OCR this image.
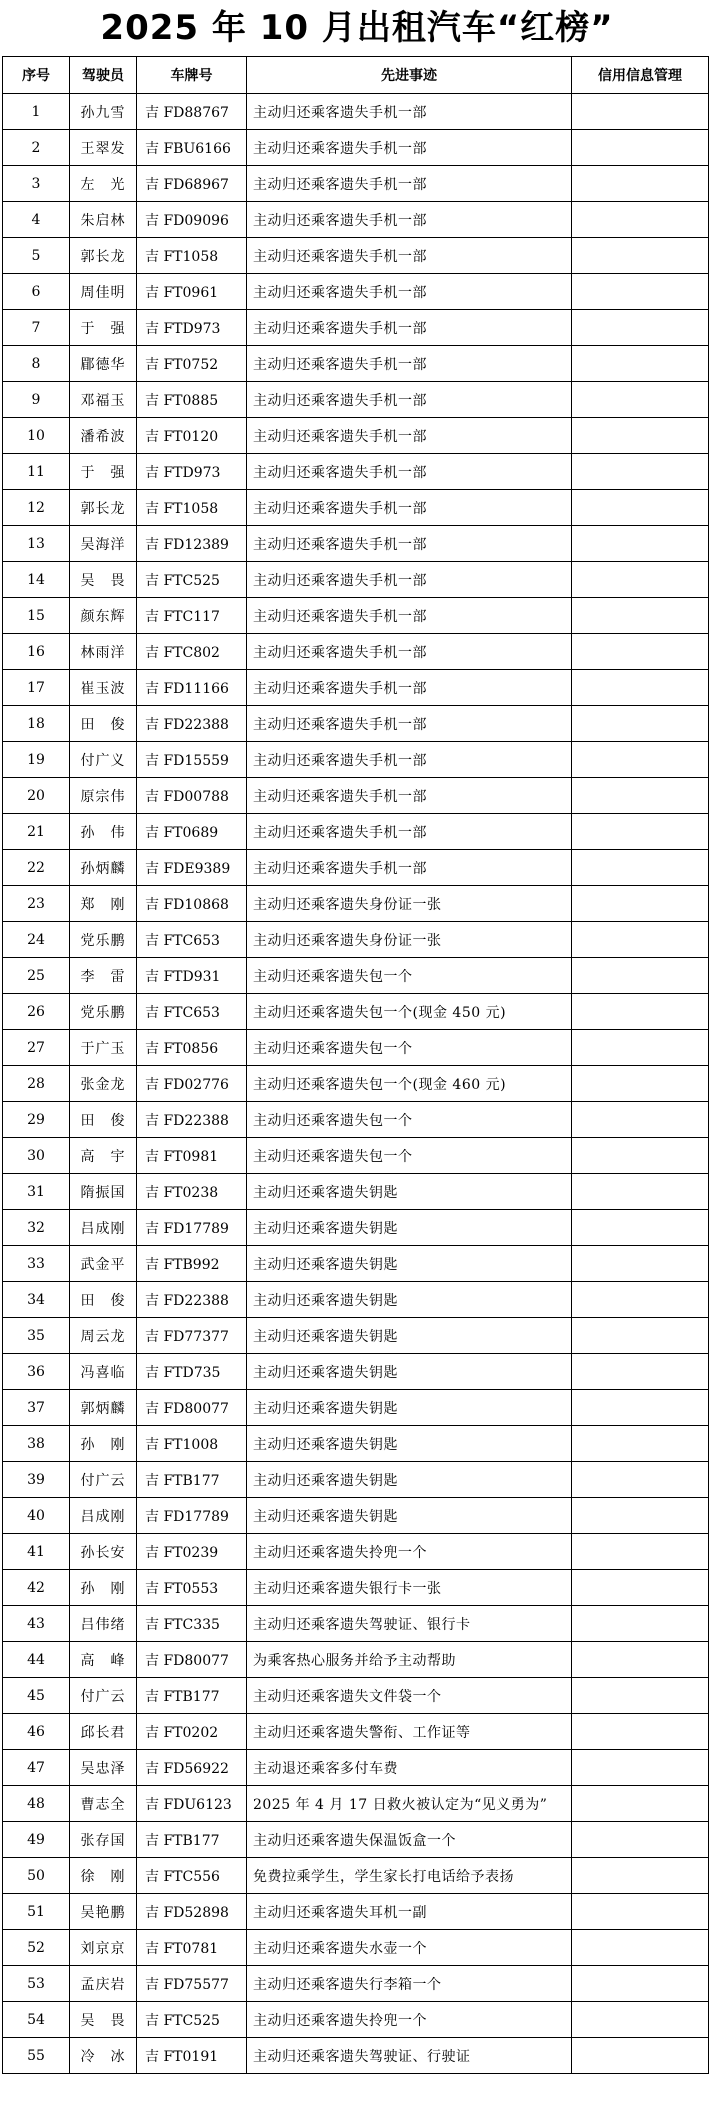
2025 年 10 月出租汽车“红榜”
序号	驾驶员	车牌号	先进事迹	信用信息管理
1	孙九雪	吉 FD88767	主动归还乘客遗失手机一部	
2	王翠发	吉 FBU6166	主动归还乘客遗失手机一部	
3	左　光	吉 FD68967	主动归还乘客遗失手机一部	
4	朱启林	吉 FD09096	主动归还乘客遗失手机一部	
5	郭长龙	吉 FT1058	主动归还乘客遗失手机一部	
6	周佳明	吉 FT0961	主动归还乘客遗失手机一部	
7	于　强	吉 FTD973	主动归还乘客遗失手机一部	
8	郿德华	吉 FT0752	主动归还乘客遗失手机一部	
9	邓福玉	吉 FT0885	主动归还乘客遗失手机一部	
10	潘希波	吉 FT0120	主动归还乘客遗失手机一部	
11	于　强	吉 FTD973	主动归还乘客遗失手机一部	
12	郭长龙	吉 FT1058	主动归还乘客遗失手机一部	
13	吴海洋	吉 FD12389	主动归还乘客遗失手机一部	
14	吴　畏	吉 FTC525	主动归还乘客遗失手机一部	
15	颜东辉	吉 FTC117	主动归还乘客遗失手机一部	
16	林雨洋	吉 FTC802	主动归还乘客遗失手机一部	
17	崔玉波	吉 FD11166	主动归还乘客遗失手机一部	
18	田　俊	吉 FD22388	主动归还乘客遗失手机一部	
19	付广义	吉 FD15559	主动归还乘客遗失手机一部	
20	原宗伟	吉 FD00788	主动归还乘客遗失手机一部	
21	孙　伟	吉 FT0689	主动归还乘客遗失手机一部	
22	孙炳麟	吉 FDE9389	主动归还乘客遗失手机一部	
23	郑　刚	吉 FD10868	主动归还乘客遗失身份证一张	
24	党乐鹏	吉 FTC653	主动归还乘客遗失身份证一张	
25	李　雷	吉 FTD931	主动归还乘客遗失包一个	
26	党乐鹏	吉 FTC653	主动归还乘客遗失包一个(现金 450 元)	
27	于广玉	吉 FT0856	主动归还乘客遗失包一个	
28	张金龙	吉 FD02776	主动归还乘客遗失包一个(现金 460 元)	
29	田　俊	吉 FD22388	主动归还乘客遗失包一个	
30	高　宇	吉 FT0981	主动归还乘客遗失包一个	
31	隋振国	吉 FT0238	主动归还乘客遗失钥匙	
32	吕成刚	吉 FD17789	主动归还乘客遗失钥匙	
33	武金平	吉 FTB992	主动归还乘客遗失钥匙	
34	田　俊	吉 FD22388	主动归还乘客遗失钥匙	
35	周云龙	吉 FD77377	主动归还乘客遗失钥匙	
36	冯喜临	吉 FTD735	主动归还乘客遗失钥匙	
37	郭炳麟	吉 FD80077	主动归还乘客遗失钥匙	
38	孙　刚	吉 FT1008	主动归还乘客遗失钥匙	
39	付广云	吉 FTB177	主动归还乘客遗失钥匙	
40	吕成刚	吉 FD17789	主动归还乘客遗失钥匙	
41	孙长安	吉 FT0239	主动归还乘客遗失拎兜一个	
42	孙　刚	吉 FT0553	主动归还乘客遗失银行卡一张	
43	吕伟绪	吉 FTC335	主动归还乘客遗失驾驶证、银行卡	
44	高　峰	吉 FD80077	为乘客热心服务并给予主动帮助	
45	付广云	吉 FTB177	主动归还乘客遗失文件袋一个	
46	邱长君	吉 FT0202	主动归还乘客遗失警衔、工作证等	
47	吴忠泽	吉 FD56922	主动退还乘客多付车费	
48	曹志全	吉 FDU6123	2025 年 4 月 17 日救火被认定为“见义勇为”	
49	张存国	吉 FTB177	主动归还乘客遗失保温饭盒一个	
50	徐　刚	吉 FTC556	免费拉乘学生，学生家长打电话给予表扬	
51	吴艳鹏	吉 FD52898	主动归还乘客遗失耳机一副	
52	刘京京	吉 FT0781	主动归还乘客遗失水壶一个	
53	孟庆岩	吉 FD75577	主动归还乘客遗失行李箱一个	
54	吴　畏	吉 FTC525	主动归还乘客遗失拎兜一个	
55	冷　冰	吉 FT0191	主动归还乘客遗失驾驶证、行驶证	
